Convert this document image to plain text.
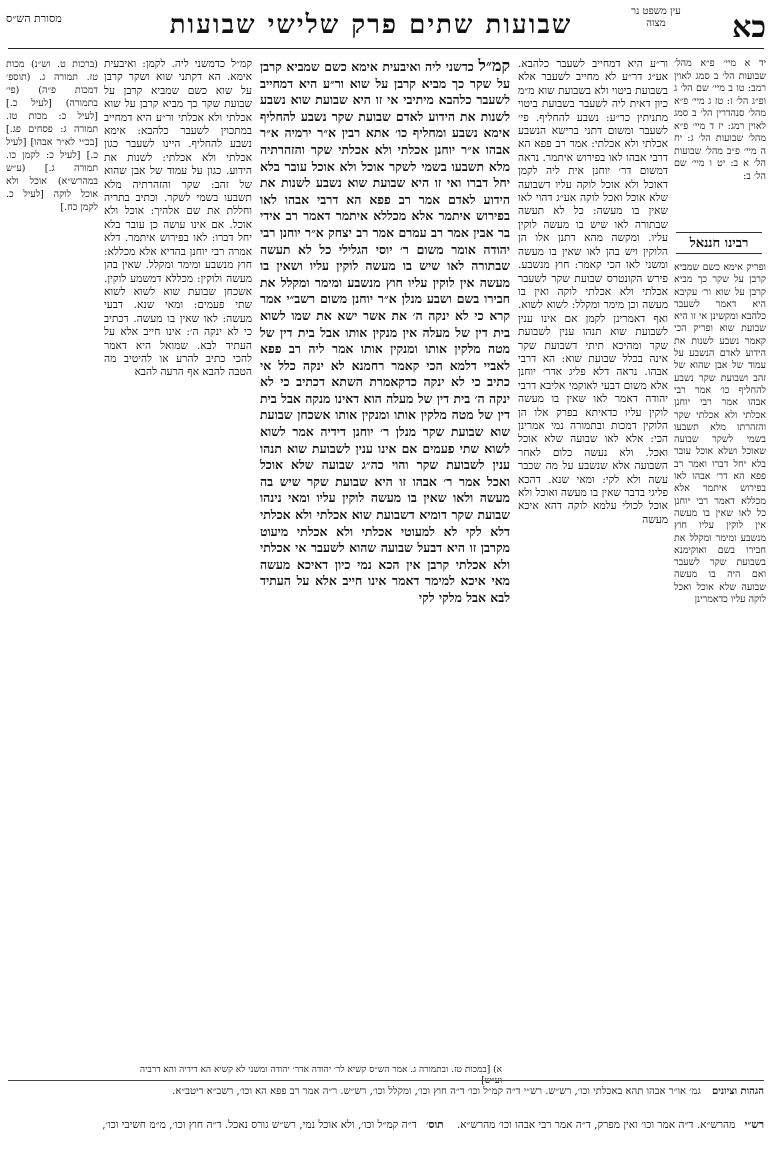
כא
עין משפט נר מצוה
שבועות שתים פרק שלישי שבועות
מסורת הש״ס
יד א מיי׳ פ״א מהל׳ שבועות הל׳ ב סמג לאוין רמב: טו ב מיי׳ שם הל׳ ג ופ״ג הל׳ ז: טז ג מיי׳ פ״א מהל׳ סנהדרין הל׳ ב סמג לאוין רמג: יז ד מיי׳ פ״א מהל׳ שבועות הל׳ ג: יח ה מיי׳ פ״ב מהל׳ שבועות הל׳ א ב: יט ו מיי׳ שם הל׳ ב:
רבינו חננאל
ופריק אימא כשם שמביא קרבן על שקר כך מביא קרבן על שוא ור׳ עקיבא היא דאמר לשעבר כלהבא ומקשינן אי זו היא שבועת שוא ופריק הכי קאמר נשבע לשנות את הידוע לאדם הנשבע על עמוד של אבן שהוא של זהב ושבועת שקר נשבע להחליף כו׳ אמר רבי אבהו אמר רבי יוחנן אכלתי ולא אכלתי שקר והזהרתו מלא תשבעו בשמי לשקר שבועה שאוכל ושלא אוכל עובר בלא יחל דברו ואמר רב פפא הא דר׳ אבהו לאו בפירוש איתמר אלא מכללא דאמר רבי יוחנן כל לאו שאין בו מעשה אין לוקין עליו חוץ מנשבע ומימר ומקלל את חבירו בשם ואוקימנא בשבועת שקר לשעבר ואם היה בו מעשה שבועה שלא אוכל ואכל לוקה עליו כדאמרינן
ור״ע היא דמחייב לשעבר כלהבא. אע״ג דר״ע לא מחייב לשעבר אלא בשבועת ביטוי ולא בשבועת שוא מ״מ כיון דאית ליה לשעבר בשבועת ביטוי מתניתין כר״ע: נשבע להחליף. פי׳ לשעבר ומשום דתני ברישא הנשבע אכלתי ולא אכלתי: אמר רב פפא הא דרבי אבהו לאו בפירוש איתמר. נראה דמשום דר׳ יוחנן אית ליה לקמן דאוכל ולא אוכל לוקה עליו דשבועה שלא אוכל ואכל לוקה אע״ג דהוי לאו שאין בו מעשה: כל לא תעשה שבתורה לאו שיש בו מעשה לוקין עליו. ומקשה מהא דתנן אלו הן הלוקין ויש בהן לאו שאין בו מעשה ומשני לאו הכי קאמר: חוץ מנשבע. פירש הקונטרס שבועת שקר לשעבר אכלתי ולא אכלתי לוקה ואין בו מעשה וכן מימר ומקלל: לשוא לשוא. ואף דאמרינן לקמן אם אינו ענין לשבועת שוא תנהו ענין לשבועת שקר ומהיכא תיתי דשבועת שקר אינה בכלל שבועת שוא: הא דרבי אבהו. נראה דלא פליג אדר׳ יוחנן אלא משום דבעי לאוקמי אליבא דרבי יהודה דאמר לאו שאין בו מעשה לוקין עליו כדאיתא בפרק אלו הן הלוקין דמכות ובתמורה נמי אמרינן הכי: אלא לאו שבועה שלא אוכל ואכל. ולא נעשה כלום לאחר השבועה אלא שנשבע על מה שכבר עשה ולא לקי: ומאי שנא. דהכא פליגי בדבר שאין בו מעשה ואוכל ולא אוכל לכולי עלמא לוקה דהא איכא מעשה
קמ״ל כדשני ליה ואיבעית אימא כשם שמביא קרבן על שקר כך מביא קרבן על שוא ור״ע היא דמחייב לשעבר כלהבא מיתיבי אי זו היא שבועת שוא נשבע לשנות את הידוע לאדם שבועת שקר נשבע להחליף אימא נשבע ומחליף כו׳ אתא רבין א״ר ירמיה א״ר אבהו א״ר יוחנן אכלתי ולא אכלתי שקר והזהרתיה מלא תשבעו בשמי לשקר אוכל ולא אוכל עובר בלא יחל דברו ואי זו היא שבועת שוא נשבע לשנות את הידוע לאדם אמר רב פפא הא דרבי אבהו לאו בפירוש איתמר אלא מכללא איתמר דאמר רב אידי בר אבין אמר רב עמרם אמר רב יצחק א״ר יוחנן רבי יהודה אומר משום ר׳ יוסי הגלילי כל לא תעשה שבתורה לאו שיש בו מעשה לוקין עליו ושאין בו מעשה אין לוקין עליו חוץ מנשבע ומימר ומקלל את חבירו בשם ושבע מנלן א״ר יוחנן משום רשב״י אמר קרא כי לא ינקה ה׳ את אשר ישא את שמו לשוא בית דין של מעלה אין מנקין אותו אבל בית דין של מטה מלקין אותו ומנקין אותו אמר ליה רב פפא לאביי דלמא הכי קאמר רחמנא לא ינקה כלל אי כתיב כי לא ינקה כדקאמרת השתא דכתיב כי לא ינקה ה׳ בית דין של מעלה הוא דאינו מנקה אבל בית דין של מטה מלקין אותו ומנקין אותו אשכחן שבועת שוא שבועת שקר מנלן ר׳ יוחנן דידיה אמר לשוא לשוא שתי פעמים אם אינו ענין לשבועת שוא תנהו ענין לשבועת שקר והוי כה״ג שבועה שלא אוכל ואכל אמר ר׳ אבהו זו היא שבועת שקר שיש בה מעשה ולאו שאין בו מעשה לוקין עליו ומאי נינהו שבועת שקר דומיא דשבועת שוא אכלתי ולא אכלתי דלא לקי לא למעוטי אכלתי ולא אכלתי מיעוט מקרבן זו היא דבעל שבועה שהוא לשעבר אי אכלתי ולא אכלתי קרבן אין הכא נמי כיון דאיכא מעשה מאי איכא למימר דאמר אינו חייב אלא על העתיד לבא אבל מלקי לקי
קמ״ל כדמשני ליה. לקמן: ואיבעית אימא. הא דקתני שוא ושקר קרבן על שוא כשם שמביא קרבן על שבועת שקר כך מביא קרבן על שוא אכלתי ולא אכלתי ור״ע היא דמחייב במתכוין לשעבר כלהבא: אימא נשבע להחליף. היינו לשעבר כגון אכלתי ולא אכלתי: לשנות את הידוע. כגון על עמוד של אבן שהוא של זהב: שקר והזהרתיה מלא תשבעו בשמי לשקר. וכתיב בתריה וחללת את שם אלהיך: אוכל ולא אוכל. אם אינו עושה כן עובר בלא יחל דברו: לאו בפירוש איתמר. דלא אמרה רבי יוחנן בהדיא אלא מכללא: חוץ מנשבע ומימר ומקלל. שאין בהן מעשה ולוקין: מכללא דמשמע לוקין. אשכחן שבועת שוא לשוא לשוא שתי פעמים: ומאי שנא. דבעי מעשה: לאו שאין בו מעשה. דכתיב כי לא ינקה ה׳: אינו חייב אלא על העתיד לבא. שמואל היא דאמר להכי כתיב להרע או להיטיב מה הטבה להבא אף הרעה להבא
(ברכות ט. וש״נ) מכות טז. תמורה ג. (תוספ׳ דמכות פ״ה) (פי׳ בתמורה) [לעיל כ.] [לעיל כ: מכות טז. תמורה ג: פסחים פג.] [בכ״י לא״ר אבהו] [לעיל כ.] [לעיל כ: לקמן כו. תמורה ג.] (ע״ש במהרש״א) אוכל ולא אוכל לוקה [לעיל כ. לקמן כח.]
א) [במכות טז. ובתמורה ג. אמר הש״ס קשיא לר׳ יהודה אדר׳ יהודה ומשני לא קשיא הא דידיה והא דרביה וע״ש]
הגהות וציונים גמ׳ או״ר אבהו תהא באכלתי וכו׳, רש״ש. רש״י ד״ה קמ״ל וכו׳ ד״ה חוץ וכו׳, ומקלל וכו׳, רש״ש. ר״ה אמר רב פפא הא וכו׳, רשב״א ריטב״א.
רש״י מהרש״א. ד״ה אמר וכו׳ ואין מפרק, ד״ה אמר רבי אבהו וכו׳ מהרש״א.    תוס׳ ד״ה קמ״ל וכו׳, ולא אוכל נמי, רש״ש גורס נאכל. ד״ה חוץ וכו׳, מ״מ חשיבי וכו׳,
